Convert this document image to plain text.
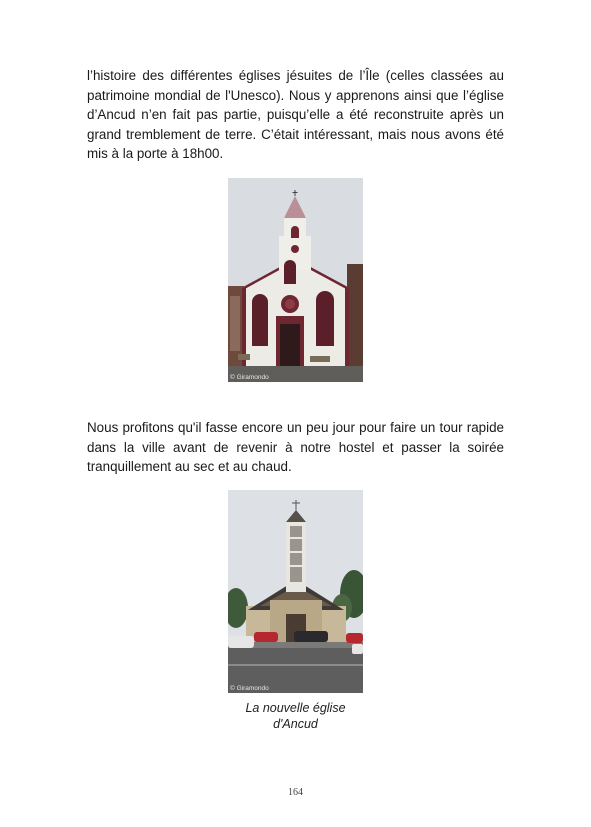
l’histoire des différentes églises jésuites de l’Île (celles classées au patrimoine mondial de l'Unesco). Nous y apprenons ainsi que l’église d’Ancud n’en fait pas partie, puisqu’elle a été reconstruite après un grand tremblement de terre. C’était intéressant, mais nous avons été mis à la porte à 18h00.
© Giramondo
Nous profitons qu'il fasse encore un peu jour pour faire un tour rapide dans la ville avant de revenir à notre hostel et passer la soirée tranquillement au sec et au chaud.
© Giramondo
La nouvelle église
d'Ancud
164
